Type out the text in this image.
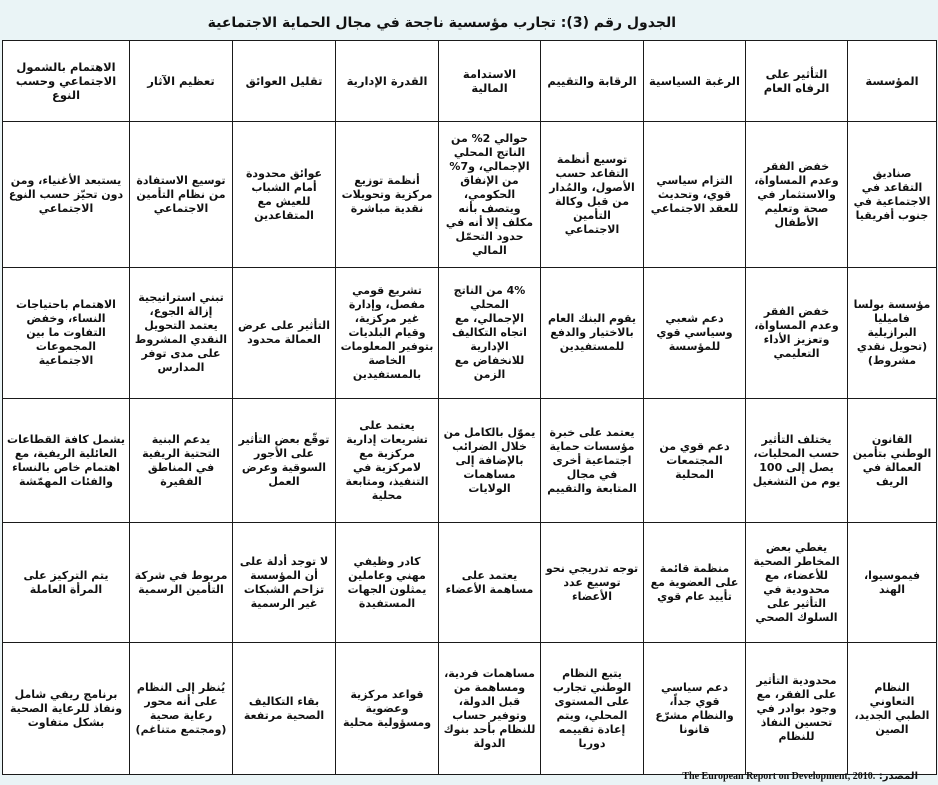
الجدول رقم (3): تجارب مؤسسية ناجحة في مجال الحماية الاجتماعية
المؤسسة	التأثير على الرفاه العام	الرغبة السياسية	الرقابة والتقييم	الاستدامة المالية	القدرة الإدارية	تقليل العوائق	تعظيم الآثار	الاهتمام بالشمول الاجتماعي وحسب النوع
صناديق التقاعد في الاجتماعية في جنوب أفريقيا	خفض الفقر وعدم المساواة، والاستثمار في صحة وتعليم الأطفال	التزام سياسي قوي، وتحديث للعقد الاجتماعي	توسيع أنظمة التقاعد حسب الأصول، والمُدار من قبل وكالة التأمين الاجتماعي	حوالي 2% من الناتج المحلي الإجمالي، و7% من الإنفاق الحكومي، ويتصف بأنه مكلف إلا أنه في حدود التحمّل المالي	أنظمة توزيع مركزية وتحويلات نقدية مباشرة	عوائق محدودة أمام الشباب للعيش مع المتقاعدين	توسيع الاستفادة من نظام التأمين الاجتماعي	يستبعد الأغنياء، ومن دون تحيّز حسب النوع الاجتماعي
مؤسسة بولسا فاميليا البرازيلية (تحويل نقدي مشروط)	خفض الفقر وعدم المساواة، وتعزيز الأداء التعليمي	دعم شعبي وسياسي قوي للمؤسسة	يقوم البنك العام بالاختيار والدفع للمستفيدين	4% من الناتج المحلي الإجمالي، مع اتجاه التكاليف الإدارية للانخفاض مع الزمن	تشريع قومي مفصل، وإدارة غير مركزية، وقيام البلديات بتوفير المعلومات الخاصة بالمستفيدين	التأثير على عرض العمالة محدود	تبني استراتيجية إزالة الجوع، يعتمد التحويل النقدي المشروط على مدى توفر المدارس	الاهتمام باحتياجات النساء، وخفض التفاوت ما بين المجموعات الاجتماعية
القانون الوطني بتأمين العمالة في الريف	يختلف التأثير حسب المحليات، يصل إلى 100 يوم من التشغيل	دعم قوي من المجتمعات المحلية	يعتمد على خبرة مؤسسات حماية اجتماعية أخرى في مجال المتابعة والتقييم	يموّل بالكامل من خلال الضرائب بالإضافة إلى مساهمات الولايات	يعتمد على تشريعات إدارية مركزية مع لامركزية في التنفيذ، ومتابعة محلية	توقّع بعض التأثير على الأجور السوقية وعرض العمل	يدعم البنية التحتية الريفية في المناطق الفقيرة	يشمل كافة القطاعات العائلية الريفية، مع اهتمام خاص بالنساء والفئات المهمّشة
فيموسيوا، الهند	يغطي بعض المخاطر الصحية للأعضاء، مع محدودية في التأثير على السلوك الصحي	منظمة قائمة على العضوية مع تأييد عام قوي	توجه تدريجي نحو توسيع عدد الأعضاء	يعتمد على مساهمة الأعضاء	كادر وظيفي مهني وعاملين يمثلون الجهات المستفيدة	لا توجد أدلة على أن المؤسسة تزاحم الشبكات غير الرسمية	مربوط في شركة التأمين الرسمية	يتم التركيز على المرأة العاملة
النظام التعاوني الطبي الجديد، الصين	محدودية التأثير على الفقر، مع وجود بوادر في تحسين النفاذ للنظام	دعم سياسي قوي جداً، والنظام مشرّع قانونا	يتبع النظام الوطني تجارب على المستوى المحلي، ويتم إعادة تقييمه دوريا	مساهمات فردية، ومساهمة من قبل الدولة، وتوفير حساب للنظام بأحد بنوك الدولة	قواعد مركزية وعضوية ومسؤولية محلية	بقاء التكاليف الصحية مرتفعة	يُنظر إلى النظام على أنه محور رعاية صحية (ومجتمع متناغم)	برنامج ريفي شامل ونفاذ للرعاية الصحية بشكل متفاوت
المصدر: The European Report on Development, 2010.
